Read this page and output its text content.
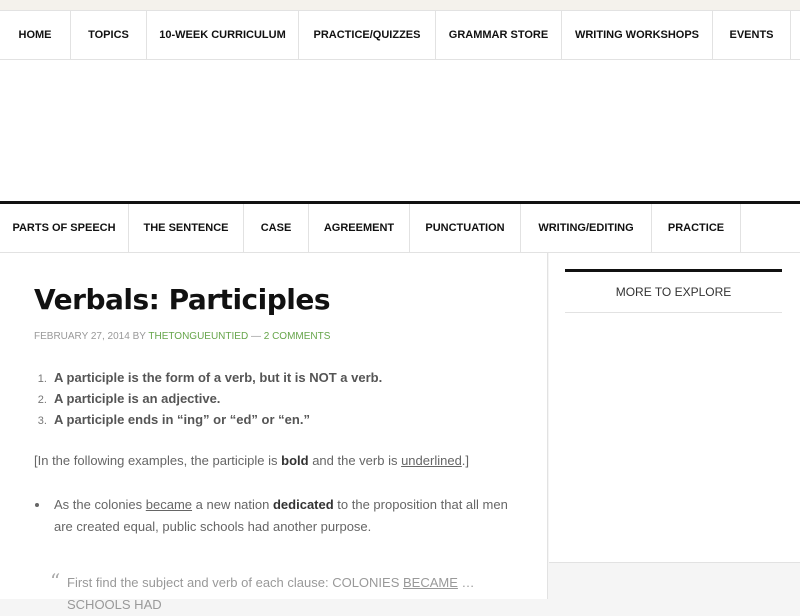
HOME	TOPICS	10-WEEK CURRICULUM	PRACTICE/QUIZZES	GRAMMAR STORE	WRITING WORKSHOPS	EVENTS
PARTS OF SPEECH	THE SENTENCE	CASE	AGREEMENT	PUNCTUATION	WRITING/EDITING	PRACTICE
Verbals: Participles
FEBRUARY 27, 2014 BY THETONGUEUNTIED — 2 COMMENTS
1. A participle is the form of a verb, but it is NOT a verb.
2. A participle is an adjective.
3. A participle ends in “ing” or “ed” or “en.”

[In the following examples, the participle is bold and the verb is underlined.]

• As the colonies became a new nation dedicated to the proposition that all men are created equal, public schools had another purpose.
“ First find the subject and verb of each clause: COLONIES BECAME … SCHOOLS HAD

MORE TO EXPLORE
